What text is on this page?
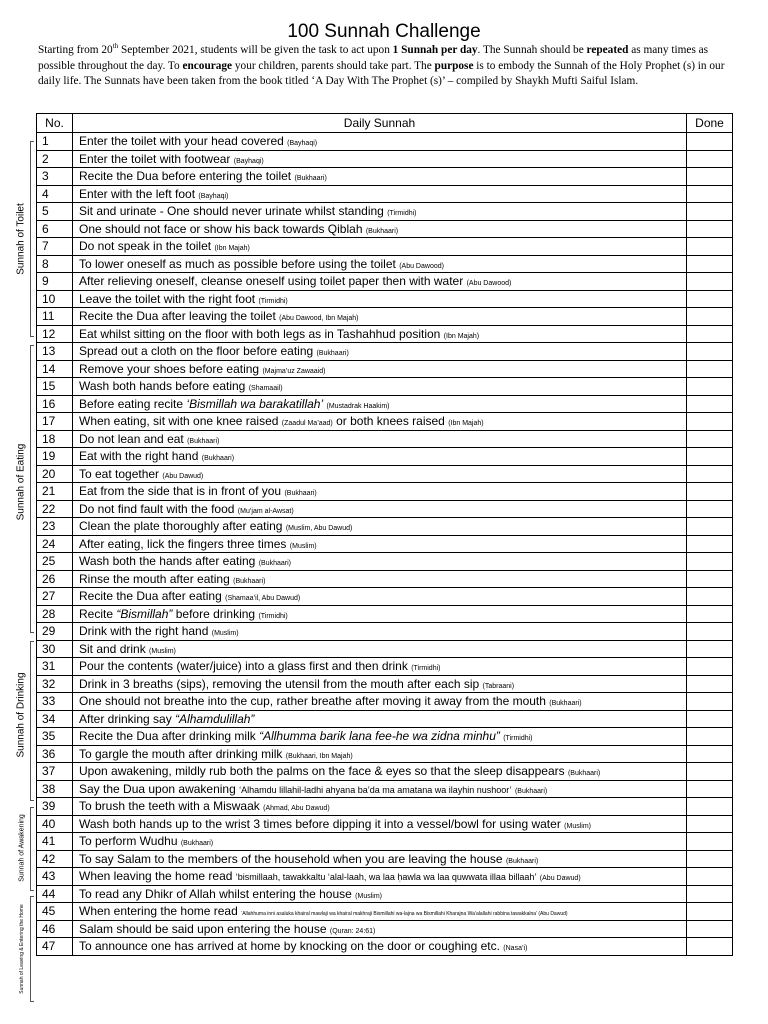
100 Sunnah Challenge
Starting from 20th September 2021, students will be given the task to act upon 1 Sunnah per day. The Sunnah should be repeated as many times as possible throughout the day. To encourage your children, parents should take part. The purpose is to embody the Sunnah of the Holy Prophet (s) in our daily life. The Sunnats have been taken from the book titled ‘A Day With The Prophet (s)’ – compiled by Shaykh Mufti Saiful Islam.
Sunnah of Toilet
Sunnah of Eating
Sunnah of Drinking
Sunnah of Awakening
Sunnah of Leaving & Entering the Home
No.	Daily Sunnah	Done
1	Enter the toilet with your head covered (Bayhaqi)	
2	Enter the toilet with footwear (Bayhaqi)	
3	Recite the Dua before entering the toilet (Bukhaari)	
4	Enter with the left foot (Bayhaqi)	
5	Sit and urinate - One should never urinate whilst standing (Tirmidhi)	
6	One should not face or show his back towards Qiblah (Bukhaari)	
7	Do not speak in the toilet (Ibn Majah)	
8	To lower oneself as much as possible before using the toilet (Abu Dawood)	
9	After relieving oneself, cleanse oneself using toilet paper then with water (Abu Dawood)	
10	Leave the toilet with the right foot (Tirmidhi)	
11	Recite the Dua after leaving the toilet (Abu Dawood, Ibn Majah)	
12	Eat whilst sitting on the floor with both legs as in Tashahhud position (Ibn Majah)	
13	Spread out a cloth on the floor before eating (Bukhaari)	
14	Remove your shoes before eating (Majma’uz Zawaaid)	
15	Wash both hands before eating (Shamaail)	
16	Before eating recite ‘Bismillah wa barakatillah’ (Mustadrak Haakim)	
17	When eating, sit with one knee raised (Zaadul Ma’aad) or both knees raised (Ibn Majah)	
18	Do not lean and eat (Bukhaari)	
19	Eat with the right hand (Bukhaari)	
20	To eat together (Abu Dawud)	
21	Eat from the side that is in front of you (Bukhaari)	
22	Do not find fault with the food (Mu’jam al-Awsat)	
23	Clean the plate thoroughly after eating (Muslim, Abu Dawud)	
24	After eating, lick the fingers three times (Muslim)	
25	Wash both the hands after eating (Bukhaari)	
26	Rinse the mouth after eating (Bukhaari)	
27	Recite the Dua after eating (Shamaa’il, Abu Dawud)	
28	Recite “Bismillah” before drinking (Tirmidhi)	
29	Drink with the right hand (Muslim)	
30	Sit and drink (Muslim)	
31	Pour the contents (water/juice) into a glass first and then drink (Tirmidhi)	
32	Drink in 3 breaths (sips), removing the utensil from the mouth after each sip (Tabraani)	
33	One should not breathe into the cup, rather breathe after moving it away from the mouth (Bukhaari)	
34	After drinking say “Alhamdulillah”	
35	Recite the Dua after drinking milk “Allhumma barik lana fee-he wa zidna minhu” (Tirmidhi)	
36	To gargle the mouth after drinking milk (Bukhaari, Ibn Majah)	
37	Upon awakening, mildly rub both the palms on the face & eyes so that the sleep disappears (Bukhaari)	
38	Say the Dua upon awakening ‘Alhamdu lillahil-ladhi ahyana ba’da ma amatana wa ilayhin nushoor’ (Bukhaari)	
39	To brush the teeth with a Miswaak (Ahmad, Abu Dawud)	
40	Wash both hands up to the wrist 3 times before dipping it into a vessel/bowl for using water (Muslim)	
41	To perform Wudhu (Bukhaari)	
42	To say Salam to the members of the household when you are leaving the house (Bukhaari)	
43	When leaving the home read ‘bismillaah, tawakkaltu ‘alal-laah, wa laa ḥawla wa laa quwwata illaa billaah’ (Abu Dawud)	
44	To read any Dhikr of Allah whilst entering the house (Muslim)	
45	When entering the home read ‘Allahhuma inni asaluka khairal mawlaji wa khairal makhraji Bismillahi wa-lajna wa Bismillahi Kharajna Wa’alallahi rabbina tawakkalna’ (Abu Dawud)	
46	Salam should be said upon entering the house (Quran: 24:61)	
47	To announce one has arrived at home by knocking on the door or coughing etc. (Nasa’i)	
